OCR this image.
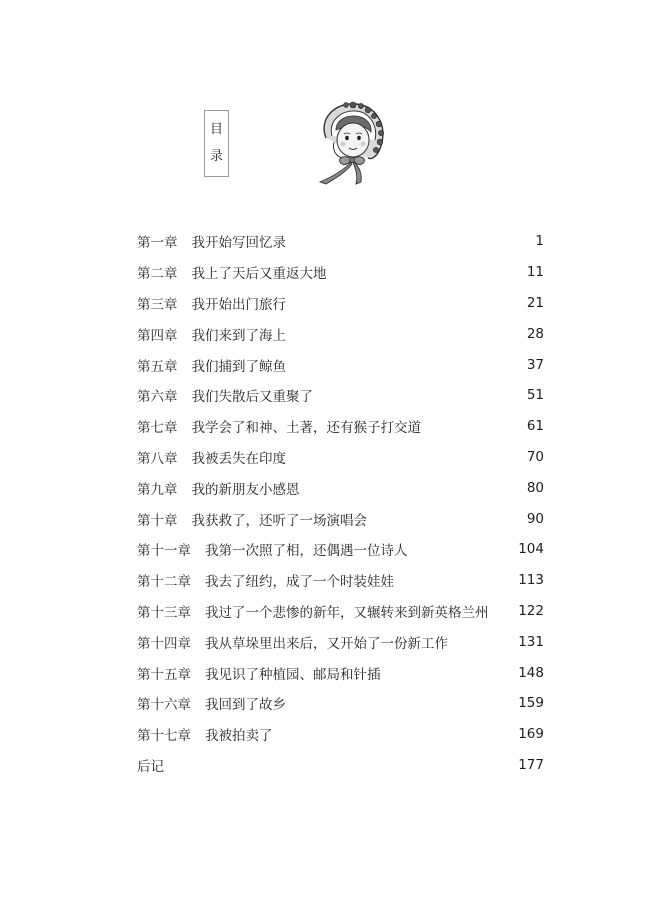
目
录
第一章 我开始写回忆录	1
第二章 我上了天后又重返大地	11
第三章 我开始出门旅行	21
第四章 我们来到了海上	28
第五章 我们捕到了鲸鱼	37
第六章 我们失散后又重聚了	51
第七章 我学会了和神、土著，还有猴子打交道	61
第八章 我被丢失在印度	70
第九章 我的新朋友小感恩	80
第十章 我获救了，还听了一场演唱会	90
第十一章 我第一次照了相，还偶遇一位诗人	104
第十二章 我去了纽约，成了一个时装娃娃	113
第十三章 我过了一个悲惨的新年，又辗转来到新英格兰州 122
第十四章 我从草垛里出来后，又开始了一份新工作	131
第十五章 我见识了种植园、邮局和针插	148
第十六章 我回到了故乡	159
第十七章 我被拍卖了	169
后记	177
